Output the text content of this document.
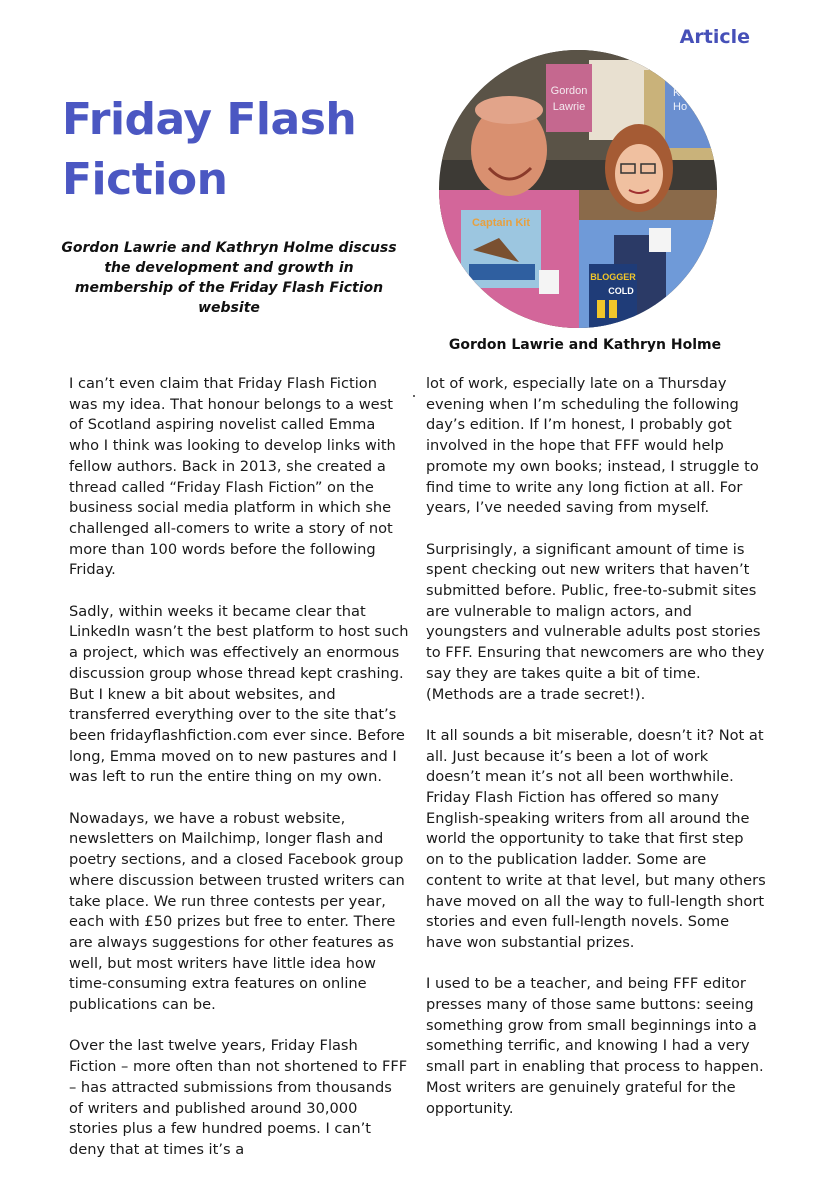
Article
Friday Flash Fiction
Gordon Lawrie and Kathryn Holme discuss the development and growth in membership of the Friday Flash Fiction website
Gordon
Lawrie
Ka
Ho
Captain Kit
BLOGGER
COLD
Gordon Lawrie and Kathryn Holme

I can’t even claim that Friday Flash Fiction was my idea. That honour belongs to a west of Scotland aspiring novelist called Emma who I think was looking to develop links with fellow authors. Back in 2013, she created a thread called “Friday Flash Fiction” on the business social media platform in which she challenged all-comers to write a story of not more than 100 words before the following Friday.

Sadly, within weeks it became clear that LinkedIn wasn’t the best platform to host such a project, which was effectively an enormous discussion group whose thread kept crashing. But I knew a bit about websites, and transferred everything over to the site that’s been fridayflashfiction.com ever since. Before long, Emma moved on to new pastures and I was left to run the entire thing on my own.

Nowadays, we have a robust website, newsletters on Mailchimp, longer flash and poetry sections, and a closed Facebook group where discussion between trusted writers can take place. We run three contests per year, each with £50 prizes but free to enter. There are always suggestions for other features as well, but most writers have little idea how time-consuming extra features on online publications can be.

Over the last twelve years, Friday Flash Fiction – more often than not shortened to FFF – has attracted submissions from thousands of writers and published around 30,000 stories plus a few hundred poems. I can’t deny that at times it’s a

lot of work, especially late on a Thursday evening when I’m scheduling the following day’s edition. If I’m honest, I probably got involved in the hope that FFF would help promote my own books; instead, I struggle to find time to write any long fiction at all. For years, I’ve needed saving from myself.

Surprisingly, a significant amount of time is spent checking out new writers that haven’t submitted before. Public, free-to-submit sites are vulnerable to malign actors, and youngsters and vulnerable adults post stories to FFF. Ensuring that newcomers are who they say they are takes quite a bit of time. (Methods are a trade secret!).

It all sounds a bit miserable, doesn’t it? Not at all. Just because it’s been a lot of work doesn’t mean it’s not all been worthwhile. Friday Flash Fiction has offered so many English-speaking writers from all around the world the opportunity to take that first step on to the publication ladder. Some are content to write at that level, but many others have moved on all the way to full-length short stories and even full-length novels. Some have won substantial prizes.

I used to be a teacher, and being FFF editor presses many of those same buttons: seeing something grow from small beginnings into a something terrific, and knowing I had a very small part in enabling that process to happen. Most writers are genuinely grateful for the opportunity.
